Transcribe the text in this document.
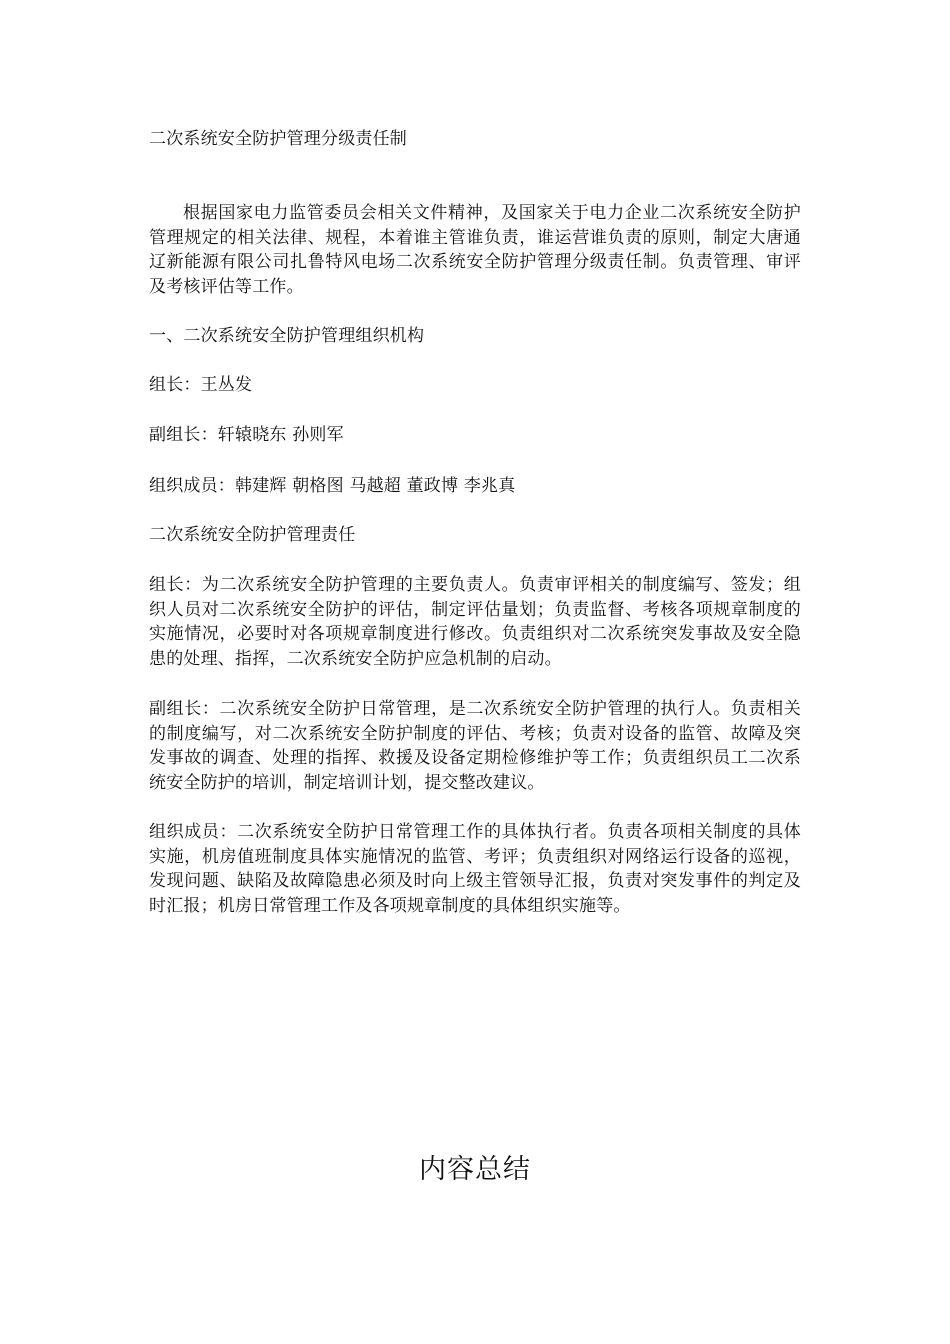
二次系统安全防护管理分级责任制

根据国家电力监管委员会相关文件精神，及国家关于电力企业二次系统安全防护管理规定的相关法律、规程，本着谁主管谁负责，谁运营谁负责的原则，制定大唐通辽新能源有限公司扎鲁特风电场二次系统安全防护管理分级责任制。负责管理、审评及考核评估等工作。

一、二次系统安全防护管理组织机构

组长：王丛发

副组长：轩辕晓东 孙则军

组织成员：韩建辉 朝格图 马越超 董政博 李兆真

二次系统安全防护管理责任

组长：为二次系统安全防护管理的主要负责人。负责审评相关的制度编写、签发；组织人员对二次系统安全防护的评估，制定评估量划；负责监督、考核各项规章制度的实施情况，必要时对各项规章制度进行修改。负责组织对二次系统突发事故及安全隐患的处理、指挥，二次系统安全防护应急机制的启动。

副组长：二次系统安全防护日常管理，是二次系统安全防护管理的执行人。负责相关的制度编写，对二次系统安全防护制度的评估、考核；负责对设备的监管、故障及突发事故的调查、处理的指挥、救援及设备定期检修维护等工作；负责组织员工二次系统安全防护的培训，制定培训计划，提交整改建议。

组织成员：二次系统安全防护日常管理工作的具体执行者。负责各项相关制度的具体实施，机房值班制度具体实施情况的监管、考评；负责组织对网络运行设备的巡视，发现问题、缺陷及故障隐患必须及时向上级主管领导汇报，负责对突发事件的判定及时汇报；机房日常管理工作及各项规章制度的具体组织实施等。

内容总结
